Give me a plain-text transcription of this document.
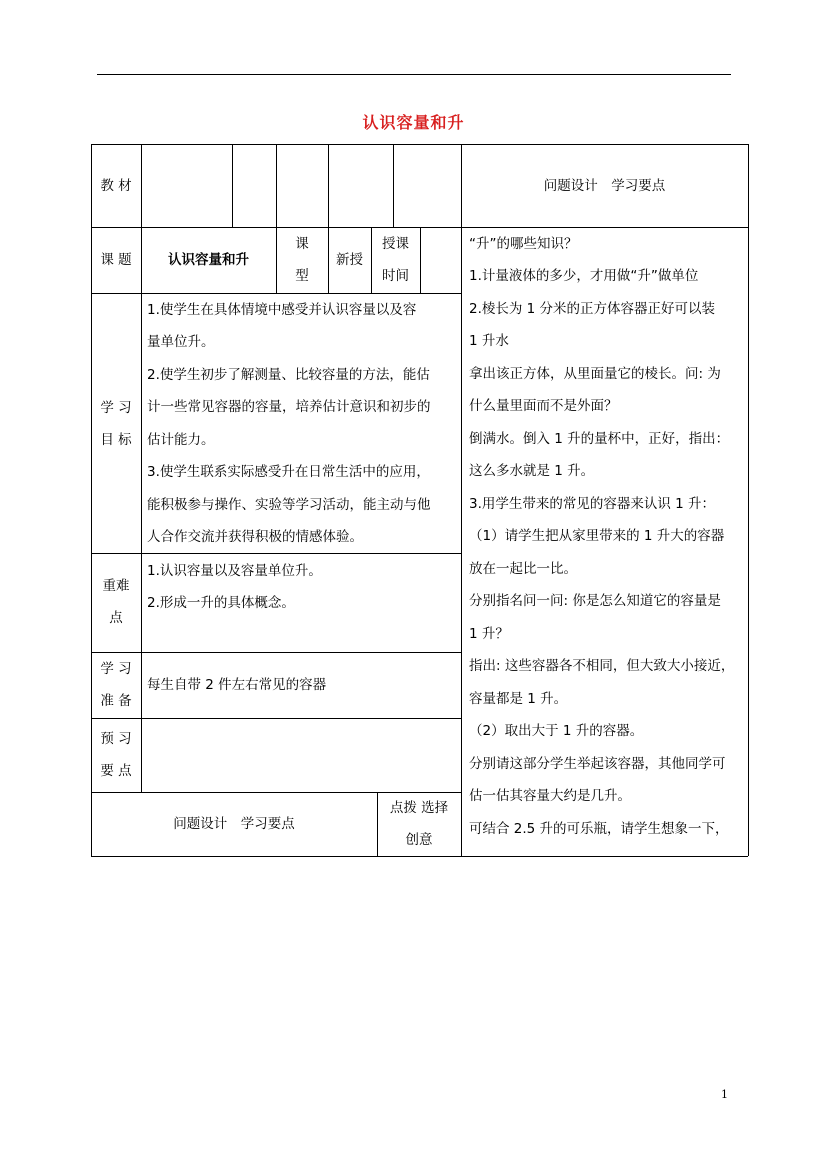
认识容量和升
教 材	问题设计　学习要点
课 题	认识容量和升
课
型
新授
授课
时间
学 习
目 标
1.使学生在具体情境中感受并认识容量以及容
量单位升。
2.使学生初步了解测量、比较容量的方法，能估
计一些常见容器的容量，培养估计意识和初步的
估计能力。
3.使学生联系实际感受升在日常生活中的应用，
能积极参与操作、实验等学习活动，能主动与他
人合作交流并获得积极的情感体验。
重难
点
1.认识容量以及容量单位升。
2.形成一升的具体概念。
学 习
准 备
每生自带 2 件左右常见的容器
预 习
要 点
问题设计　学习要点
点拨 选择
创意
“升”的哪些知识？
1.计量液体的多少，才用做“升”做单位
2.棱长为 1 分米的正方体容器正好可以装
1 升水
拿出该正方体，从里面量它的棱长。问: 为
什么量里面而不是外面？
倒满水。倒入 1 升的量杯中，正好，指出：
这么多水就是 1 升。
3.用学生带来的常见的容器来认识 1 升：
（1）请学生把从家里带来的 1 升大的容器
放在一起比一比。
分别指名问一问: 你是怎么知道它的容量是
1 升？
指出: 这些容器各不相同，但大致大小接近，
容量都是 1 升。
（2）取出大于 1 升的容器。
分别请这部分学生举起该容器，其他同学可
估一估其容量大约是几升。
可结合 2.5 升的可乐瓶，请学生想象一下，
1
